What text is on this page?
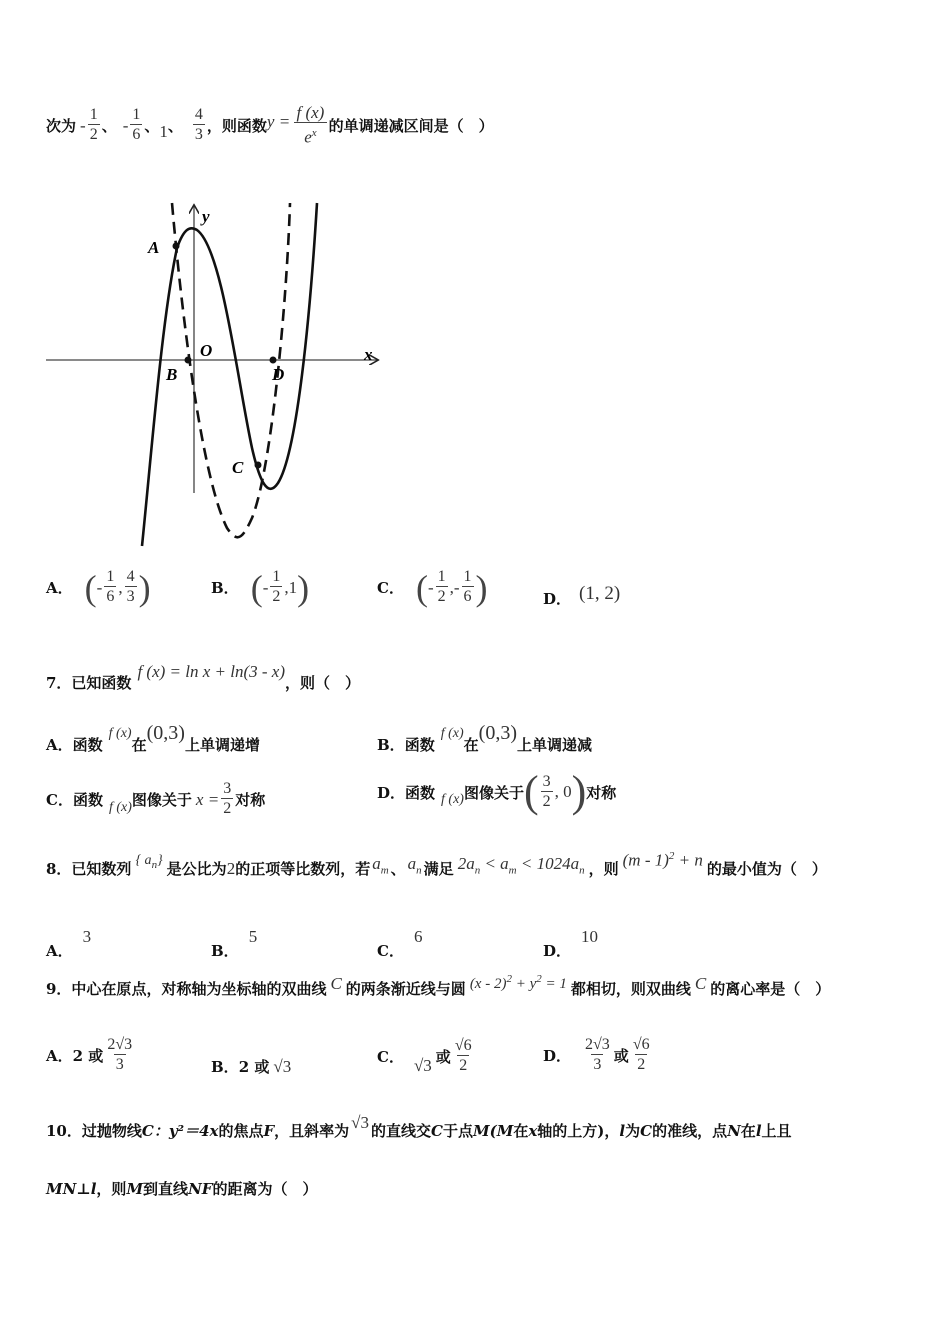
次为 - $\frac{1}{2}$ 、 - $\frac{1}{6}$ 、 1 、 $\frac{4}{3}$ ，则函数 $y = \frac{f (x)}{e^x}$ 的单调递减区间是（　）
A
B
C
D
O	x
y
A． ( - $\frac{1}{6}$ , $\frac{4}{3}$ )	B． ( - $\frac{1}{2}$ , 1 )	C． ( - $\frac{1}{2}$ , - $\frac{1}{6}$ )	D． (1, 2)
7．已知函数
f (x) = ln x + ln(3 - x)
，则（　）
A． 函数
f (x)
在
(0,3)
上单调递增	B． 函数
f (x)
在
(0,3)
上单调递减
C． 函数 f (x) 图像关于 $x = \frac{3}{2}$ 对称	D． 函数 f (x) 图像关于 ( $\frac{3}{2}$ , 0 ) 对称
8．已知数列 { $a_n$} 是公比为 2 的正项等比数列，若 $a_m$ 、 $a_n$ 满足 $2a_n < a_m < 1024a_n$ ，则 (m - 1)$^2$ + n 的最小值为（　）
A．
3
B．
5
C．
6
D．
10
9．中心在原点，对称轴为坐标轴的双曲线 C 的两条渐近线与圆 $(x - 2)^2 + y^2 = 1$ 都相切，则双曲线 C 的离心率是（　）
A． 2 或 $\frac{2√3}{3}$	B． 2 或 √3	C． √3 或 $\frac{√6}{2}$	D． $\frac{2√3}{3}$ 或 $\frac{√6}{2}$
10．过抛物线 C：y²＝4x 的焦点 F ，且斜率为 √3 的直线交 C 于点 M(M 在 x 轴的上方)， l 为 C 的准线，点 N 在 l 上且
MN⊥l ，则 M 到直线 NF 的距离为（　）
